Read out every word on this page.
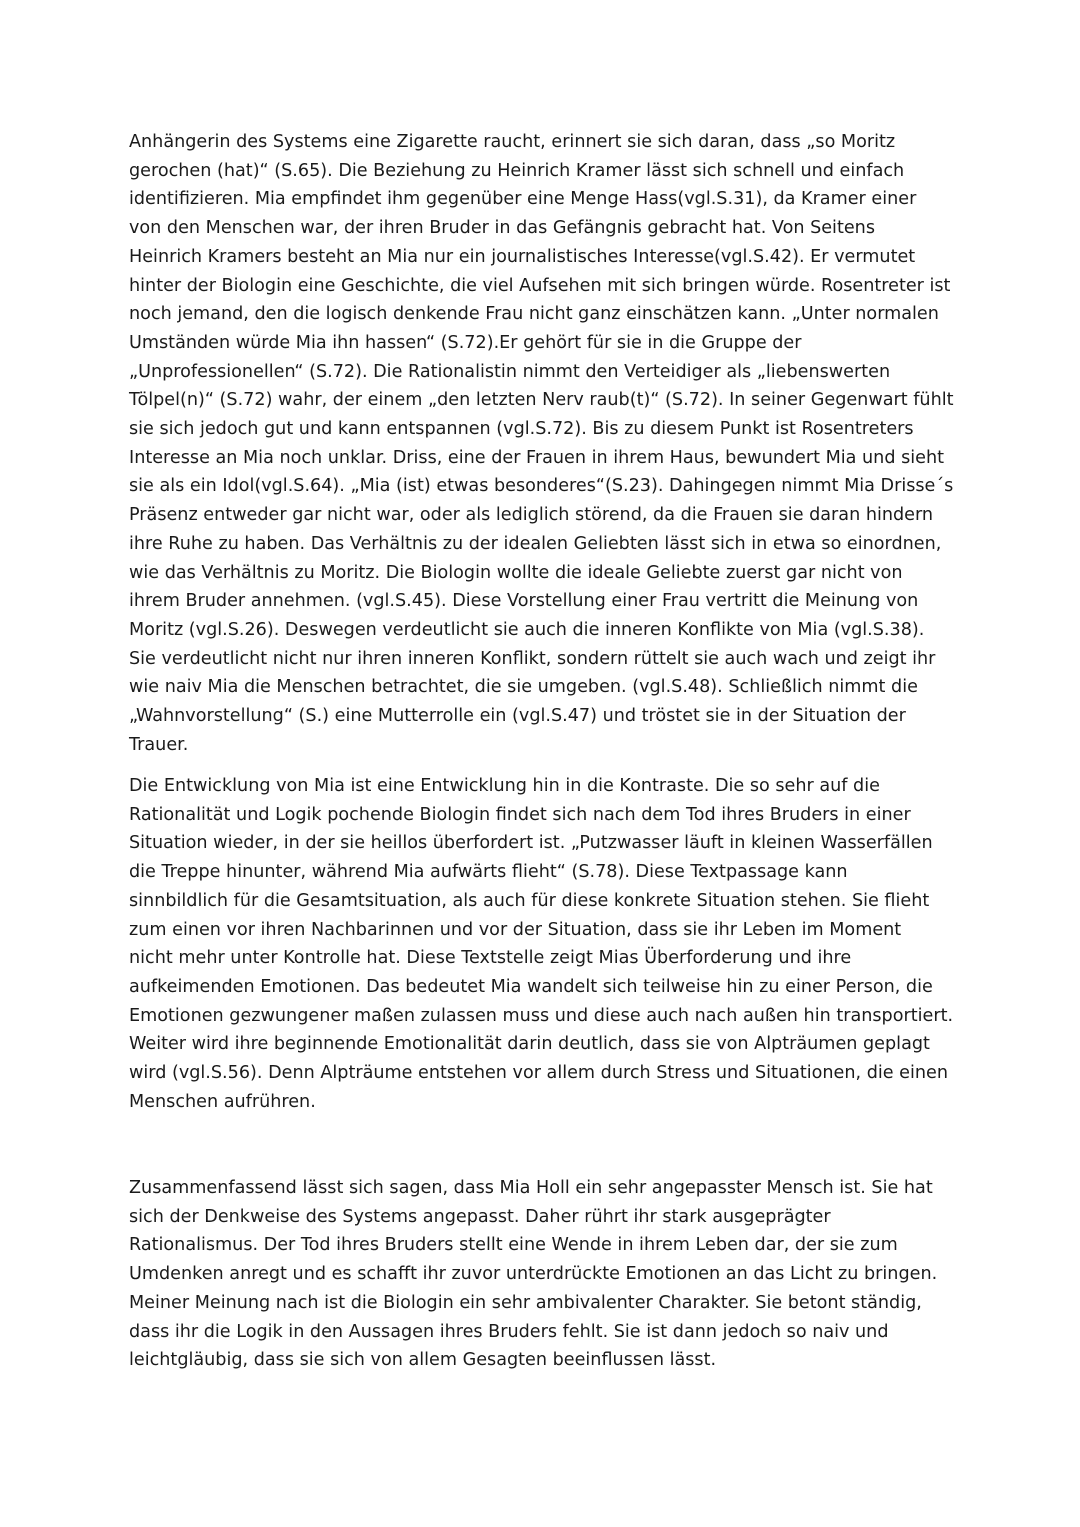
Anhängerin des Systems eine Zigarette raucht, erinnert sie sich daran, dass „so Moritz
gerochen (hat)“ (S.65). Die Beziehung zu Heinrich Kramer lässt sich schnell und einfach
identifizieren. Mia empfindet ihm gegenüber eine Menge Hass(vgl.S.31), da Kramer einer
von den Menschen war, der ihren Bruder in das Gefängnis gebracht hat. Von Seitens
Heinrich Kramers besteht an Mia nur ein journalistisches Interesse(vgl.S.42). Er vermutet
hinter der Biologin eine Geschichte, die viel Aufsehen mit sich bringen würde. Rosentreter ist
noch jemand, den die logisch denkende Frau nicht ganz einschätzen kann. „Unter normalen
Umständen würde Mia ihn hassen“ (S.72).Er gehört für sie in die Gruppe der
„Unprofessionellen“ (S.72). Die Rationalistin nimmt den Verteidiger als „liebenswerten
Tölpel(n)“ (S.72) wahr, der einem „den letzten Nerv raub(t)“ (S.72). In seiner Gegenwart fühlt
sie sich jedoch gut und kann entspannen (vgl.S.72). Bis zu diesem Punkt ist Rosentreters
Interesse an Mia noch unklar. Driss, eine der Frauen in ihrem Haus, bewundert Mia und sieht
sie als ein Idol(vgl.S.64). „Mia (ist) etwas besonderes“(S.23). Dahingegen nimmt Mia Drisse´s
Präsenz entweder gar nicht war, oder als lediglich störend, da die Frauen sie daran hindern
ihre Ruhe zu haben. Das Verhältnis zu der idealen Geliebten lässt sich in etwa so einordnen,
wie das Verhältnis zu Moritz. Die Biologin wollte die ideale Geliebte zuerst gar nicht von
ihrem Bruder annehmen. (vgl.S.45). Diese Vorstellung einer Frau vertritt die Meinung von
Moritz (vgl.S.26). Deswegen verdeutlicht sie auch die inneren Konflikte von Mia (vgl.S.38).
Sie verdeutlicht nicht nur ihren inneren Konflikt, sondern rüttelt sie auch wach und zeigt ihr
wie naiv Mia die Menschen betrachtet, die sie umgeben. (vgl.S.48). Schließlich nimmt die
„Wahnvorstellung“ (S.) eine Mutterrolle ein (vgl.S.47) und tröstet sie in der Situation der
Trauer.
Die Entwicklung von Mia ist eine Entwicklung hin in die Kontraste. Die so sehr auf die
Rationalität und Logik pochende Biologin findet sich nach dem Tod ihres Bruders in einer
Situation wieder, in der sie heillos überfordert ist. „Putzwasser läuft in kleinen Wasserfällen
die Treppe hinunter, während Mia aufwärts flieht“ (S.78). Diese Textpassage kann
sinnbildlich für die Gesamtsituation, als auch für diese konkrete Situation stehen. Sie flieht
zum einen vor ihren Nachbarinnen und vor der Situation, dass sie ihr Leben im Moment
nicht mehr unter Kontrolle hat. Diese Textstelle zeigt Mias Überforderung und ihre
aufkeimenden Emotionen. Das bedeutet Mia wandelt sich teilweise hin zu einer Person, die
Emotionen gezwungener maßen zulassen muss und diese auch nach außen hin transportiert.
Weiter wird ihre beginnende Emotionalität darin deutlich, dass sie von Alpträumen geplagt
wird (vgl.S.56). Denn Alpträume entstehen vor allem durch Stress und Situationen, die einen
Menschen aufrühren.
Zusammenfassend lässt sich sagen, dass Mia Holl ein sehr angepasster Mensch ist. Sie hat
sich der Denkweise des Systems angepasst. Daher rührt ihr stark ausgeprägter
Rationalismus. Der Tod ihres Bruders stellt eine Wende in ihrem Leben dar, der sie zum
Umdenken anregt und es schafft ihr zuvor unterdrückte Emotionen an das Licht zu bringen.
Meiner Meinung nach ist die Biologin ein sehr ambivalenter Charakter. Sie betont ständig,
dass ihr die Logik in den Aussagen ihres Bruders fehlt. Sie ist dann jedoch so naiv und
leichtgläubig, dass sie sich von allem Gesagten beeinflussen lässt.
